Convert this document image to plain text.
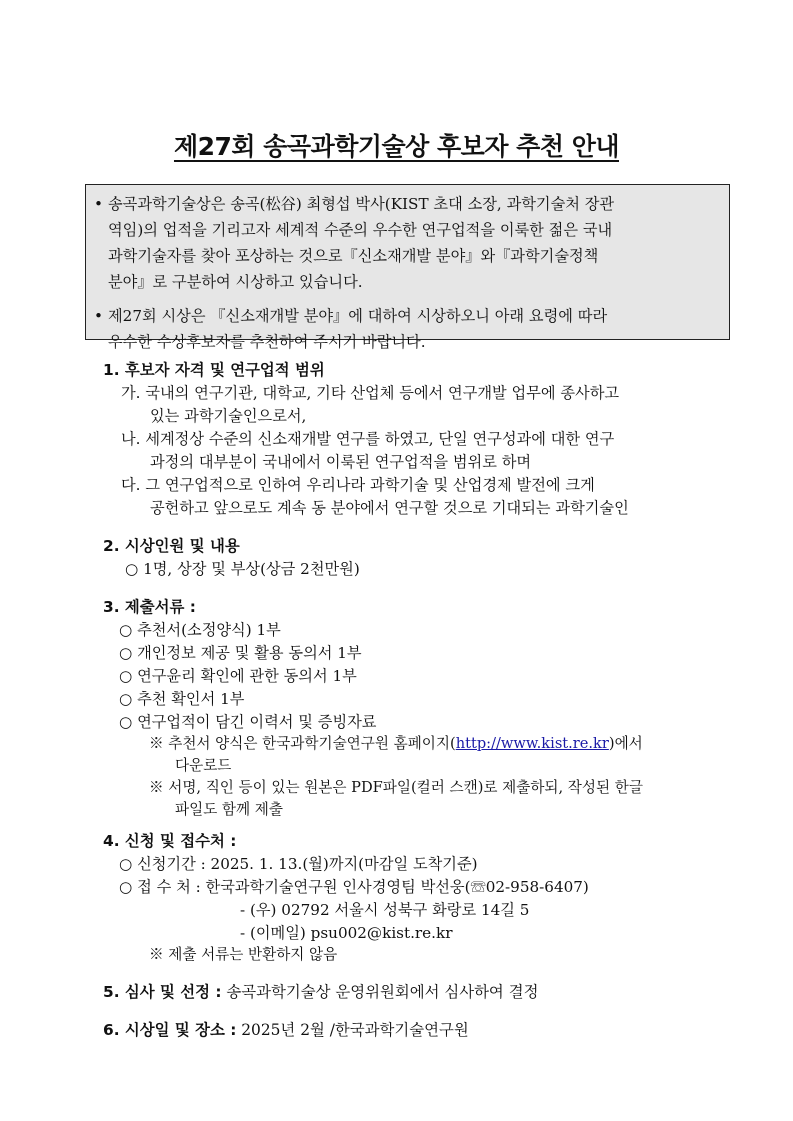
제27회 송곡과학기술상 후보자 추천 안내

• 송곡과학기술상은 송곡(松谷) 최형섭 박사(KIST 초대 소장, 과학기술처 장관
역임)의 업적을 기리고자 세계적 수준의 우수한 연구업적을 이룩한 젊은 국내
과학기술자를 찾아 포상하는 것으로『신소재개발 분야』와『과학기술정책
분야』로 구분하여 시상하고 있습니다.

• 제27회 시상은 『신소재개발 분야』에 대하여 시상하오니 아래 요령에 따라
우수한 수상후보자를 추천하여 주시기 바랍니다.

1. 후보자 자격 및 연구업적 범위
가. 국내의 연구기관, 대학교, 기타 산업체 등에서 연구개발 업무에 종사하고
있는 과학기술인으로서,
나. 세계정상 수준의 신소재개발 연구를 하였고, 단일 연구성과에 대한 연구
과정의 대부분이 국내에서 이룩된 연구업적을 범위로 하며
다. 그 연구업적으로 인하여 우리나라 과학기술 및 산업경제 발전에 크게
공헌하고 앞으로도 계속 동 분야에서 연구할 것으로 기대되는 과학기술인
2. 시상인원 및 내용
○ 1명, 상장 및 부상(상금 2천만원)
3. 제출서류 :
○ 추천서(소정양식) 1부
○ 개인정보 제공 및 활용 동의서 1부
○ 연구윤리 확인에 관한 동의서 1부
○ 추천 확인서 1부
○ 연구업적이 담긴 이력서 및 증빙자료
※ 추천서 양식은 한국과학기술연구원 홈페이지(http://www.kist.re.kr)에서
다운로드
※ 서명, 직인 등이 있는 원본은 PDF파일(컬러 스캔)로 제출하되, 작성된 한글
파일도 함께 제출
4. 신청 및 접수처 :
○ 신청기간 : 2025. 1. 13.(월)까지(마감일 도착기준)
○ 접 수 처 : 한국과학기술연구원 인사경영팀 박선웅(☏02-958-6407)
- (우) 02792 서울시 성북구 화랑로 14길 5
- (이메일) psu002@kist.re.kr
※ 제출 서류는 반환하지 않음
5. 심사 및 선정 : 송곡과학기술상 운영위원회에서 심사하여 결정
6. 시상일 및 장소 : 2025년 2월 /한국과학기술연구원
